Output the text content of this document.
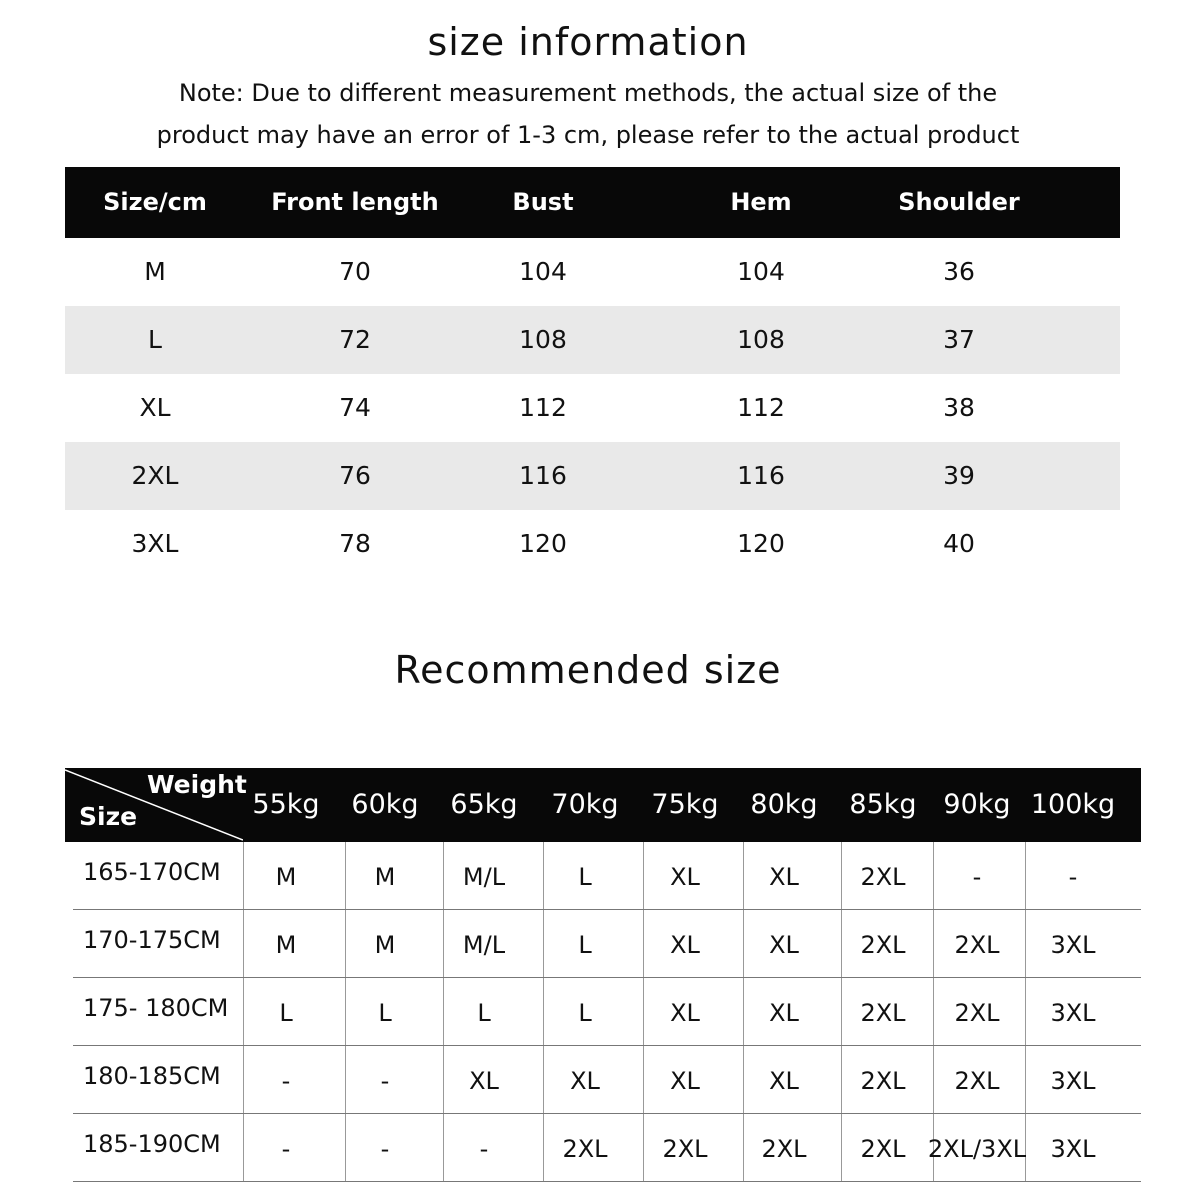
size information
Note: Due to different measurement methods, the actual size of the
product may have an error of 1-3 cm, please refer to the actual product
Size/cm	Front length	Bust	Hem	Shoulder
M	70	104	104	36
L	72	108	108	37
XL	74	112	112	38
2XL	76	116	116	39
3XL	78	120	120	40
Recommended size
Weight
Size	55kg 60kg 65kg 70kg 75kg 80kg 85kg 90kg 100kg
165-170CM M	M	M/L	L	XL	XL	2XL	-	-
170-175CM M	M	M/L	L	XL	XL	2XL 2XL 3XL
175- 180CM L	L	L	L	XL	XL	2XL 2XL 3XL
180-185CM	-	-	XL	XL	XL	XL	2XL 2XL 3XL
185-190CM	-	-	-	2XL 2XL 2XL 2XL 2XL/3XL 3XL
